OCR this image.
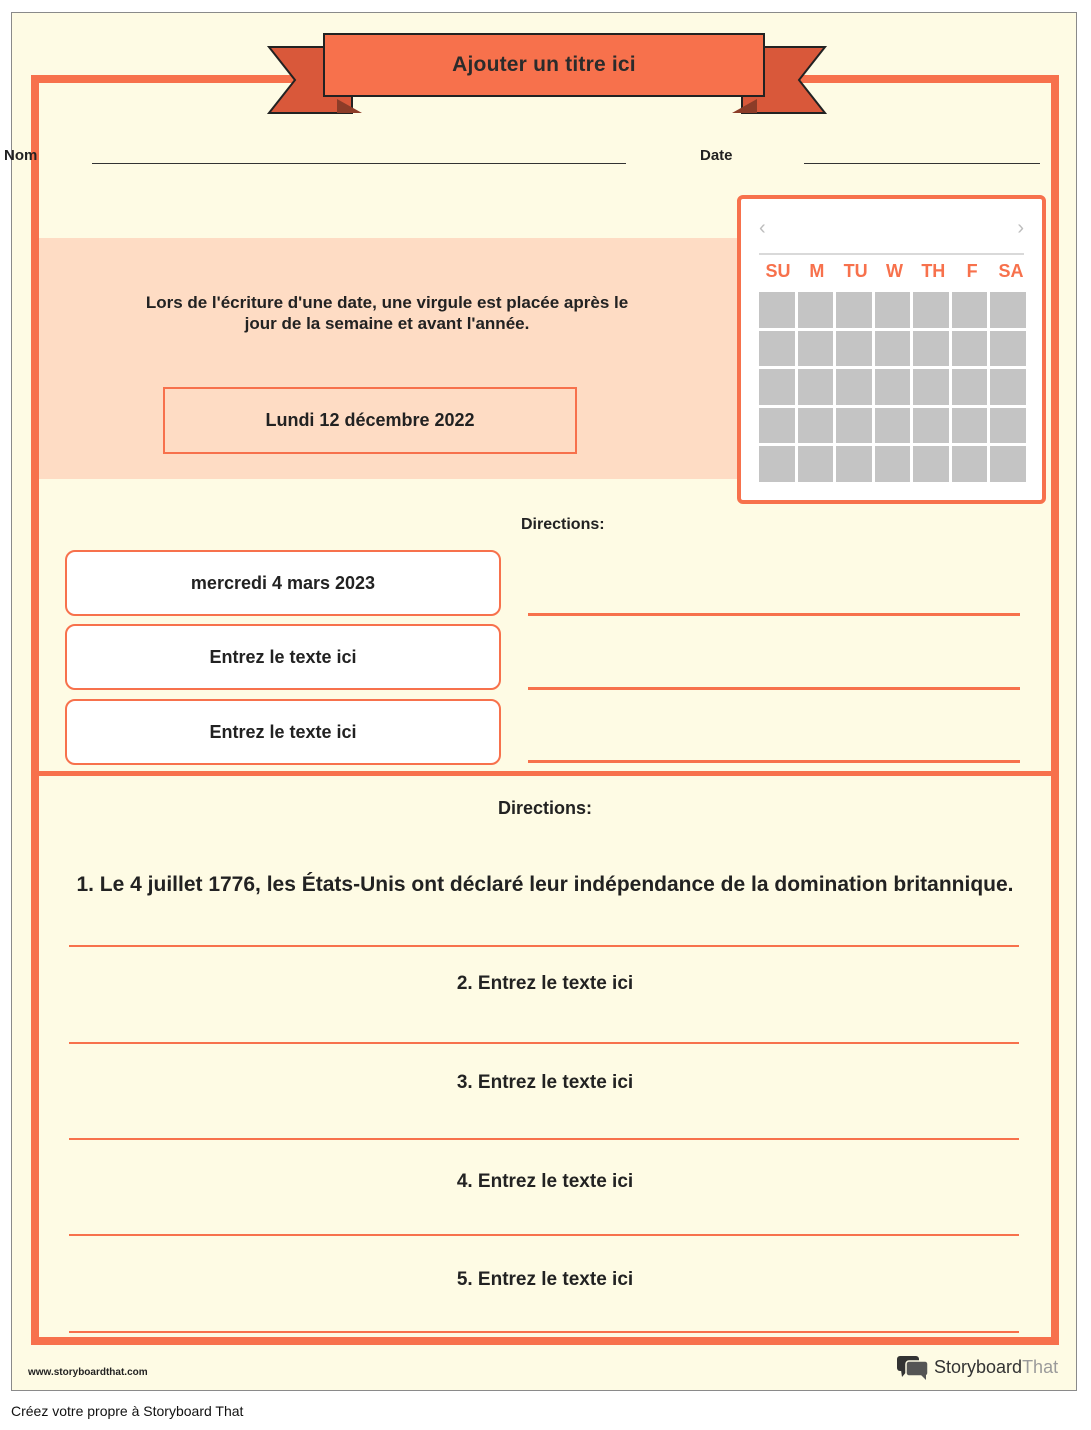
Ajouter un titre ici
Nom	Date
Lors de l'écriture d'une date, une virgule est placée après le jour de la semaine et avant l'année.
Lundi 12 décembre 2022
‹	›
SU	M	TU	W	TH	F	SA
Directions:
mercredi 4 mars 2023
Entrez le texte ici
Entrez le texte ici
Directions:
1. Le 4 juillet 1776, les États-Unis ont déclaré leur indépendance de la domination britannique.
2. Entrez le texte ici
3. Entrez le texte ici
4. Entrez le texte ici
5. Entrez le texte ici
www.storyboardthat.com	StoryboardThat
Créez votre propre à Storyboard That
